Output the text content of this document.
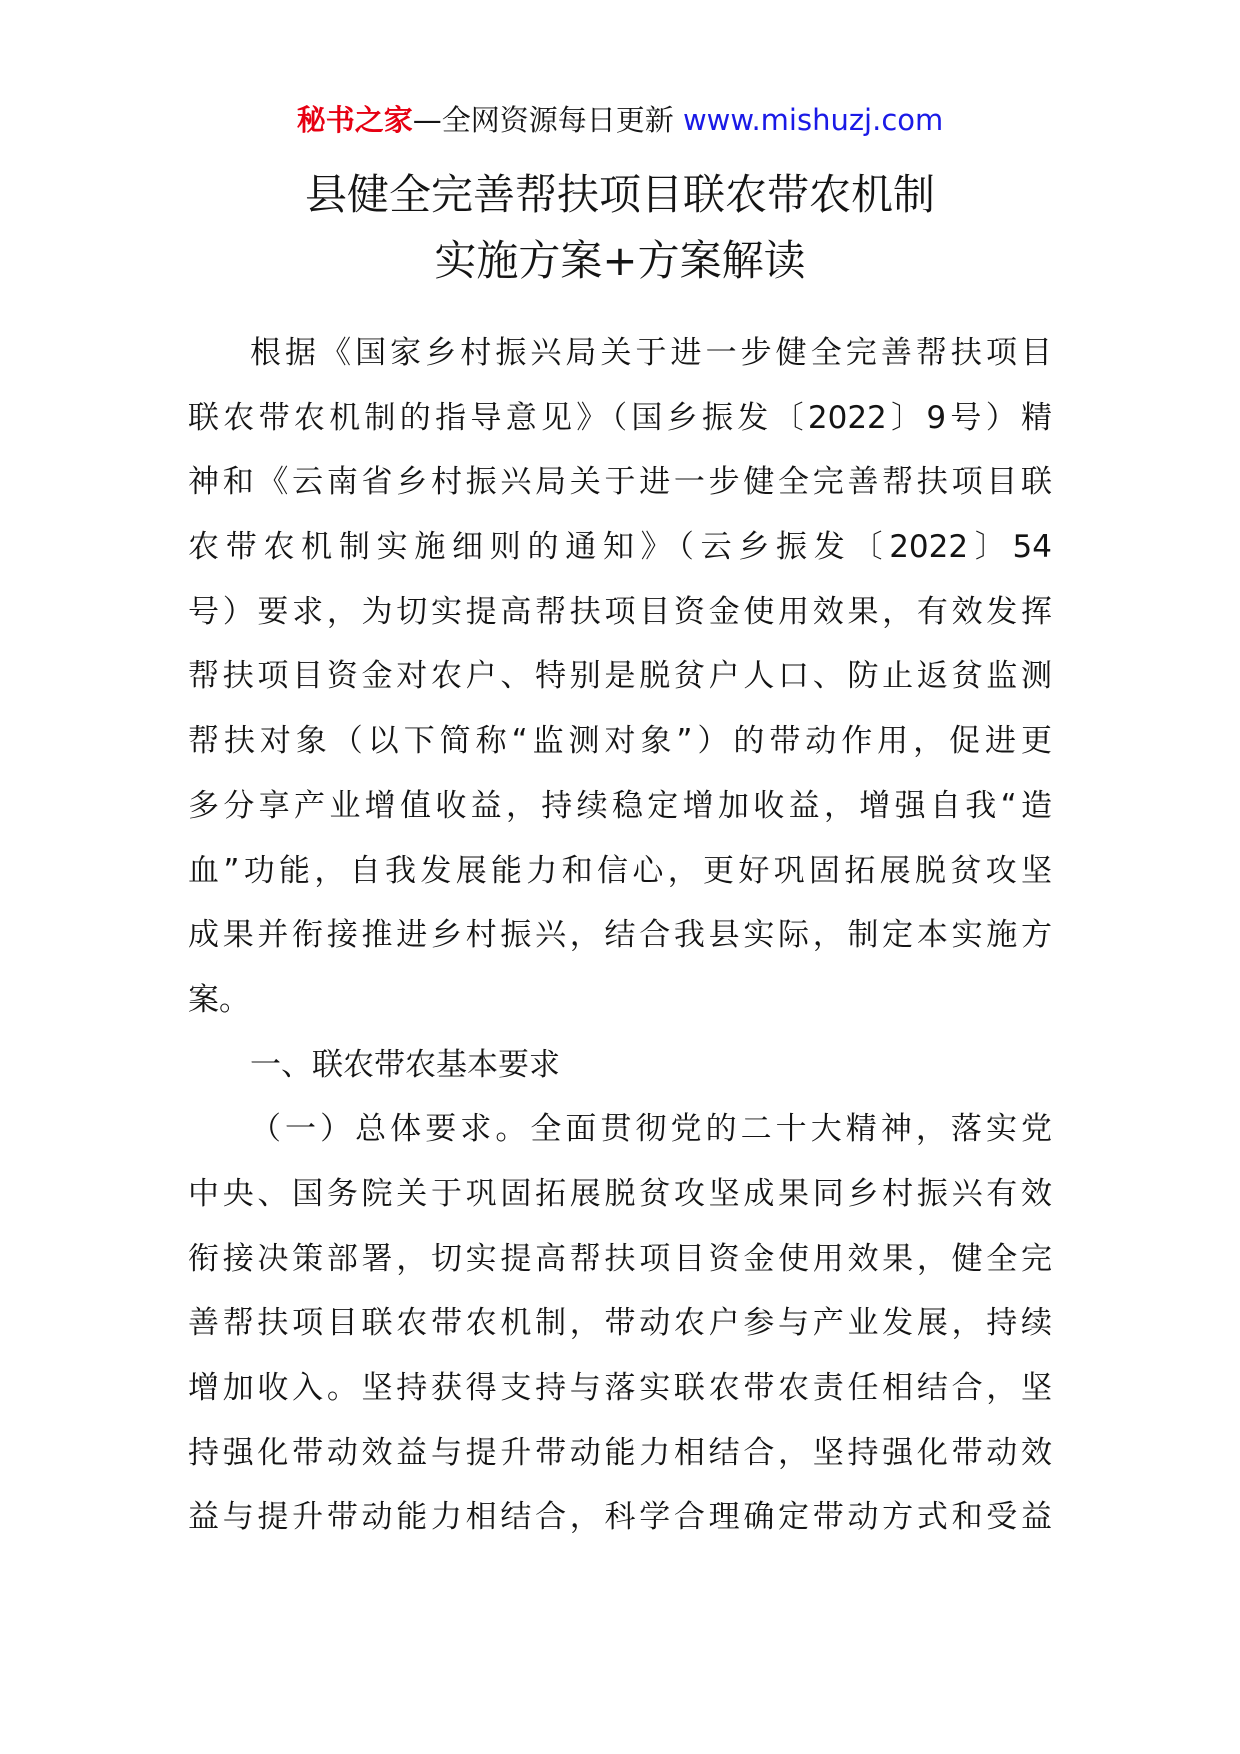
秘书之家—全网资源每日更新 www.mishuzj.com
县健全完善帮扶项目联农带农机制
实施方案+方案解读
根据《国家乡村振兴局关于进一步健全完善帮扶项目
联农带农机制的指导意见》（国乡振发〔2022〕9号）精
神和《云南省乡村振兴局关于进一步健全完善帮扶项目联
农带农机制实施细则的通知》（云乡振发〔2022〕54
号）要求，为切实提高帮扶项目资金使用效果，有效发挥
帮扶项目资金对农户、特别是脱贫户人口、防止返贫监测
帮扶对象（以下简称“监测对象”）的带动作用，促进更
多分享产业增值收益，持续稳定增加收益，增强自我“造
血”功能，自我发展能力和信心，更好巩固拓展脱贫攻坚
成果并衔接推进乡村振兴，结合我县实际，制定本实施方
案。
一、联农带农基本要求
（一）总体要求。全面贯彻党的二十大精神，落实党
中央、国务院关于巩固拓展脱贫攻坚成果同乡村振兴有效
衔接决策部署，切实提高帮扶项目资金使用效果，健全完
善帮扶项目联农带农机制，带动农户参与产业发展，持续
增加收入。坚持获得支持与落实联农带农责任相结合，坚
持强化带动效益与提升带动能力相结合，坚持强化带动效
益与提升带动能力相结合，科学合理确定带动方式和受益
